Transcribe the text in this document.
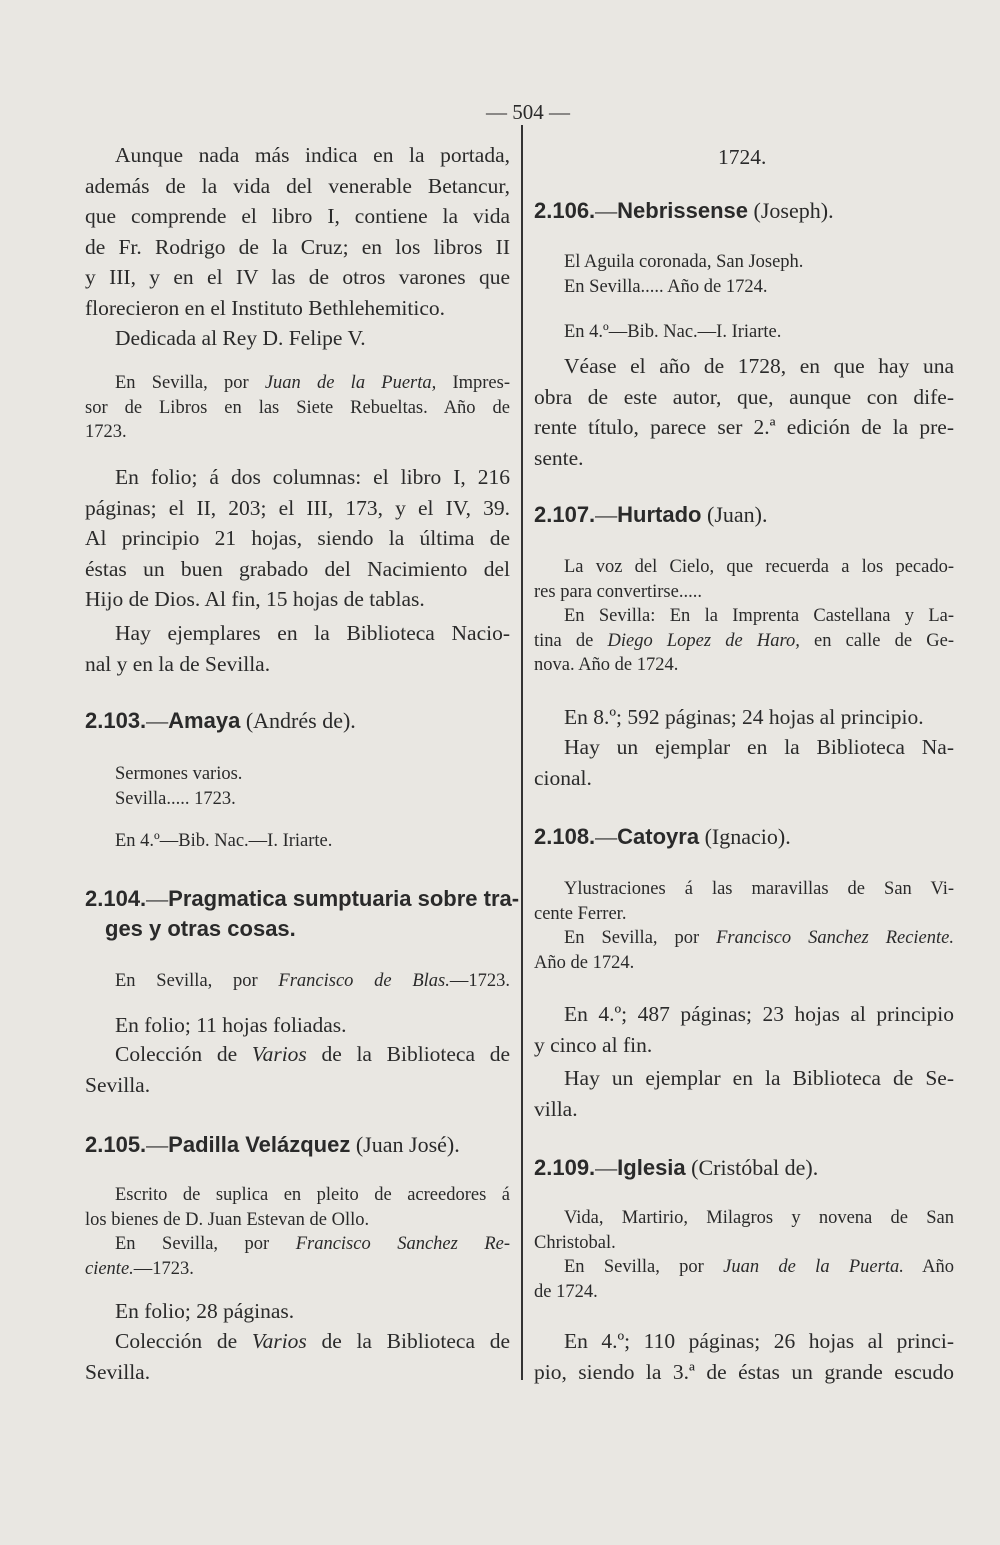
— 504 —
Aunque nada más indica en la portada,
además de la vida del venerable Betancur,
que comprende el libro I, contiene la vida
de Fr. Rodrigo de la Cruz; en los libros II
y III, y en el IV las de otros varones que
florecieron en el Instituto Bethlehemitico.
Dedicada al Rey D. Felipe V.
En Sevilla, por Juan de la Puerta, Impres-
sor de Libros en las Siete Rebueltas. Año de
1723.
En folio; á dos columnas: el libro I, 216
páginas; el II, 203; el III, 173, y el IV, 39.
Al principio 21 hojas, siendo la última de
éstas un buen grabado del Nacimiento del
Hijo de Dios. Al fin, 15 hojas de tablas.
Hay ejemplares en la Biblioteca Nacio-
nal y en la de Sevilla.
2.103.—Amaya (Andrés de).
Sermones varios.
Sevilla..... 1723.
En 4.º—Bib. Nac.—I. Iriarte.
2.104.—Pragmatica sumptuaria sobre tra-
ges y otras cosas.
En Sevilla, por Francisco de Blas.—1723.
En folio; 11 hojas foliadas.
Colección de Varios de la Biblioteca de
Sevilla.
2.105.—Padilla Velázquez (Juan José).
Escrito de suplica en pleito de acreedores á
los bienes de D. Juan Estevan de Ollo.
En Sevilla, por Francisco Sanchez Re-
ciente.—1723.
En folio; 28 páginas.
Colección de Varios de la Biblioteca de
Sevilla.
1724.
2.106.—Nebrissense (Joseph).
El Aguila coronada, San Joseph.
En Sevilla..... Año de 1724.
En 4.º—Bib. Nac.—I. Iriarte.
Véase el año de 1728, en que hay una
obra de este autor, que, aunque con dife-
rente título, parece ser 2.ª edición de la pre-
sente.
2.107.—Hurtado (Juan).
La voz del Cielo, que recuerda a los pecado-
res para convertirse.....
En Sevilla: En la Imprenta Castellana y La-
tina de Diego Lopez de Haro, en calle de Ge-
nova. Año de 1724.
En 8.º; 592 páginas; 24 hojas al principio.
Hay un ejemplar en la Biblioteca Na-
cional.
2.108.—Catoyra (Ignacio).
Ylustraciones á las maravillas de San Vi-
cente Ferrer.
En Sevilla, por Francisco Sanchez Reciente.
Año de 1724.
En 4.º; 487 páginas; 23 hojas al principio
y cinco al fin.
Hay un ejemplar en la Biblioteca de Se-
villa.
2.109.—Iglesia (Cristóbal de).
Vida, Martirio, Milagros y novena de San
Christobal.
En Sevilla, por Juan de la Puerta. Año
de 1724.
En 4.º; 110 páginas; 26 hojas al princi-
pio, siendo la 3.ª de éstas un grande escudo
